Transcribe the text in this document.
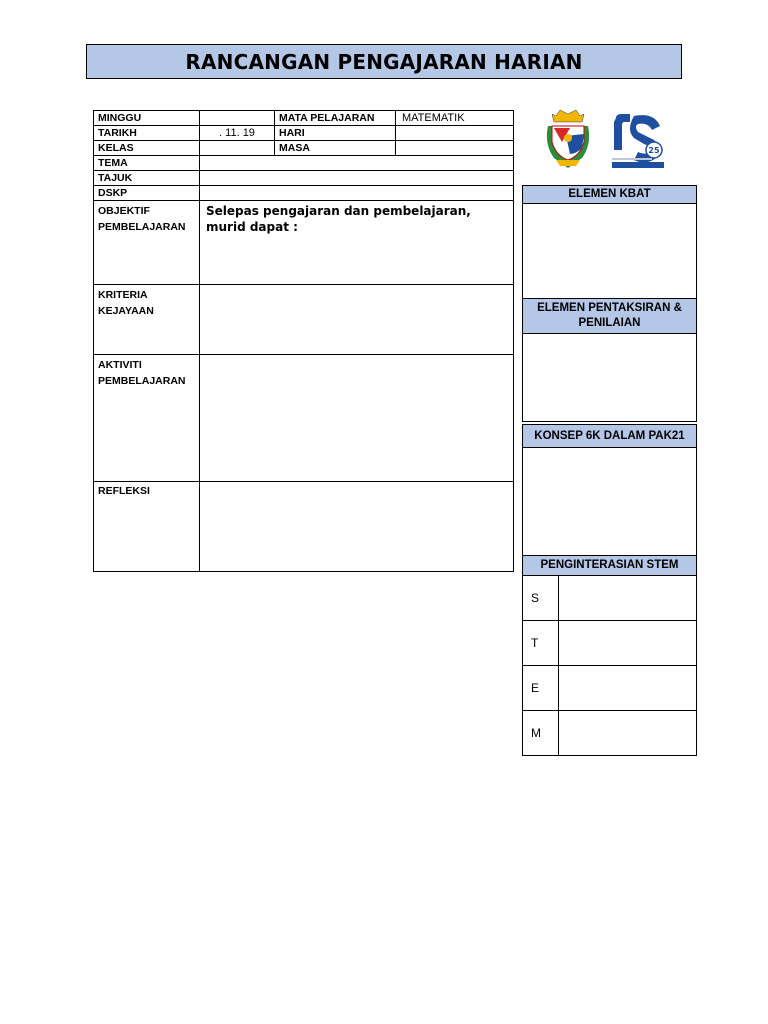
RANCANGAN PENGAJARAN HARIAN
MINGGU		MATA PELAJARAN	MATEMATIK
TARIKH	. 11. 19	HARI	
KELAS		MASA	
TEMA			
TAJUK			
DSKP			
OBJEKTIF PEMBELAJARAN	Selepas pengajaran dan pembelajaran, murid dapat :		

KRITERIA KEJAYAAN			
AKTIVITI PEMBELAJARAN			
REFLEKSI			
25
ELEMEN KBAT
ELEMEN PENTAKSIRAN & PENILAIAN
KONSEP 6K DALAM PAK21
PENGINTERASIAN STEM
S	
T	
E	
M	
